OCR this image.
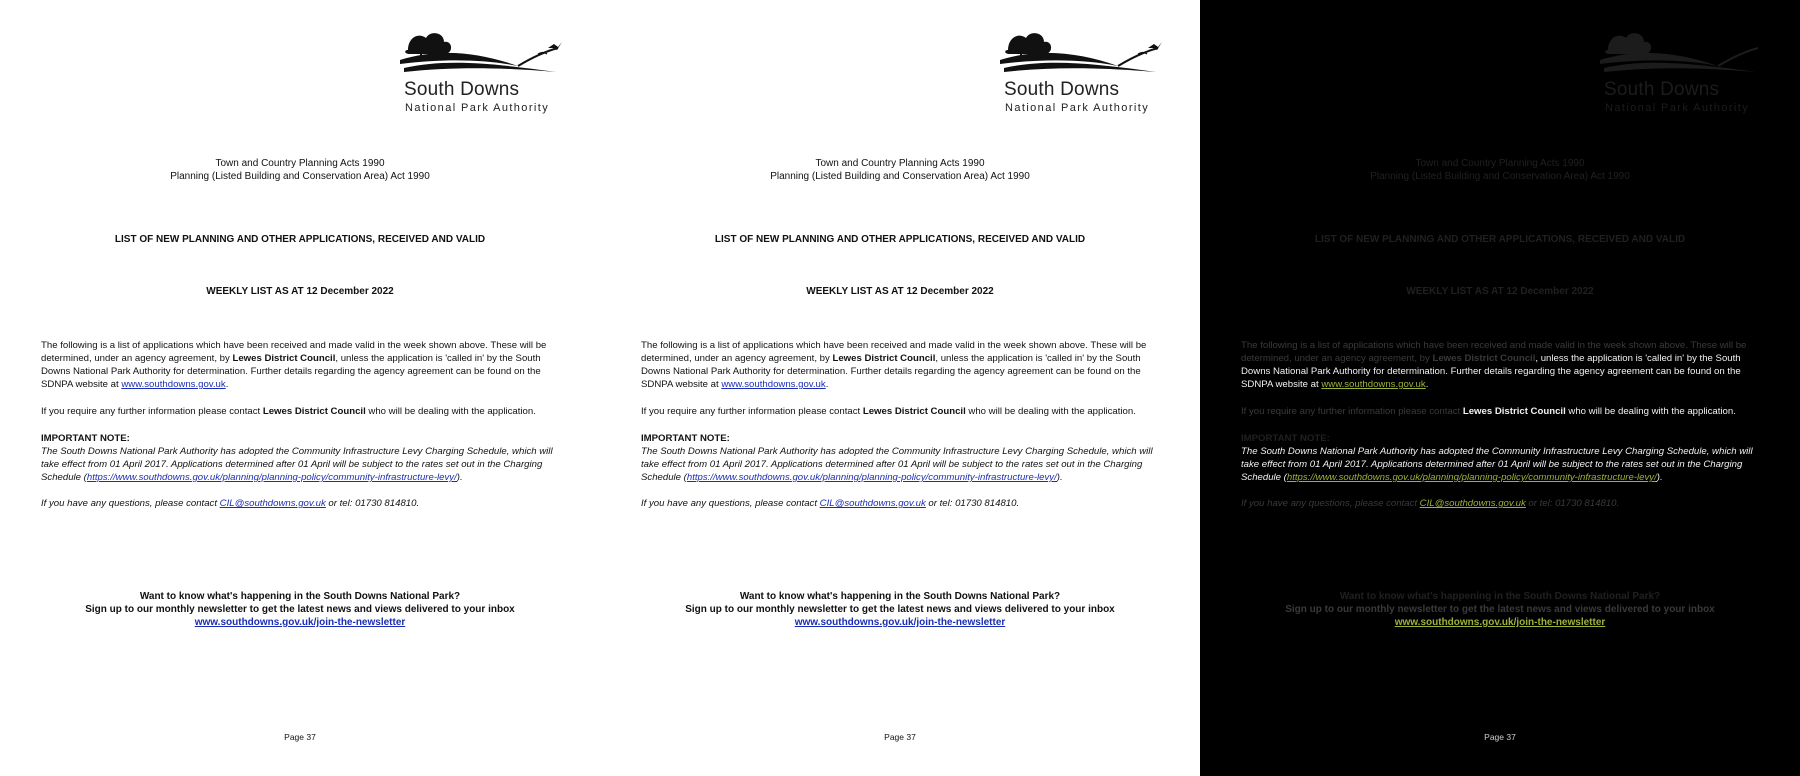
South Downs
National Park Authority
Town and Country Planning Acts 1990
Planning (Listed Building and Conservation Area) Act 1990
LIST OF NEW PLANNING AND OTHER APPLICATIONS, RECEIVED AND VALID
WEEKLY LIST AS AT 12 December 2022
The following is a list of applications which have been received and made valid in the week shown above. These will be determined, under an agency agreement, by Lewes District Council, unless the application is 'called in' by the South Downs National Park Authority for determination. Further details regarding the agency agreement can be found on the SDNPA website at www.southdowns.gov.uk.
If you require any further information please contact Lewes District Council who will be dealing with the application.
IMPORTANT NOTE:
The South Downs National Park Authority has adopted the Community Infrastructure Levy Charging Schedule, which will take effect from 01 April 2017. Applications determined after 01 April will be subject to the rates set out in the Charging Schedule (https://www.southdowns.gov.uk/planning/planning-policy/community-infrastructure-levy/).
If you have any questions, please contact CIL@southdowns.gov.uk or tel: 01730 814810.
Want to know what's happening in the South Downs National Park?
Sign up to our monthly newsletter to get the latest news and views delivered to your inbox
www.southdowns.gov.uk/join-the-newsletter
Page 37
South Downs
National Park Authority
Town and Country Planning Acts 1990
Planning (Listed Building and Conservation Area) Act 1990
LIST OF NEW PLANNING AND OTHER APPLICATIONS, RECEIVED AND VALID
WEEKLY LIST AS AT 12 December 2022
The following is a list of applications which have been received and made valid in the week shown above. These will be determined, under an agency agreement, by Lewes District Council, unless the application is 'called in' by the South Downs National Park Authority for determination. Further details regarding the agency agreement can be found on the SDNPA website at www.southdowns.gov.uk.
If you require any further information please contact Lewes District Council who will be dealing with the application.
IMPORTANT NOTE:
The South Downs National Park Authority has adopted the Community Infrastructure Levy Charging Schedule, which will take effect from 01 April 2017. Applications determined after 01 April will be subject to the rates set out in the Charging Schedule (https://www.southdowns.gov.uk/planning/planning-policy/community-infrastructure-levy/).
If you have any questions, please contact CIL@southdowns.gov.uk or tel: 01730 814810.
Want to know what's happening in the South Downs National Park?
Sign up to our monthly newsletter to get the latest news and views delivered to your inbox
www.southdowns.gov.uk/join-the-newsletter
Page 37
South Downs
National Park Authority
Town and Country Planning Acts 1990
Planning (Listed Building and Conservation Area) Act 1990
LIST OF NEW PLANNING AND OTHER APPLICATIONS, RECEIVED AND VALID
WEEKLY LIST AS AT 12 December 2022
The following is a list of applications which have been received and made valid in the week shown above. These will be determined, under an agency agreement, by Lewes District Council, unless the application is 'called in' by the South Downs National Park Authority for determination. Further details regarding the agency agreement can be found on the SDNPA website at www.southdowns.gov.uk.
If you require any further information please contact Lewes District Council who will be dealing with the application.
IMPORTANT NOTE:
The South Downs National Park Authority has adopted the Community Infrastructure Levy Charging Schedule, which will take effect from 01 April 2017. Applications determined after 01 April will be subject to the rates set out in the Charging Schedule (https://www.southdowns.gov.uk/planning/planning-policy/community-infrastructure-levy/).
If you have any questions, please contact CIL@southdowns.gov.uk or tel: 01730 814810.
Want to know what's happening in the South Downs National Park?
Sign up to our monthly newsletter to get the latest news and views delivered to your inbox
www.southdowns.gov.uk/join-the-newsletter
Page 37
